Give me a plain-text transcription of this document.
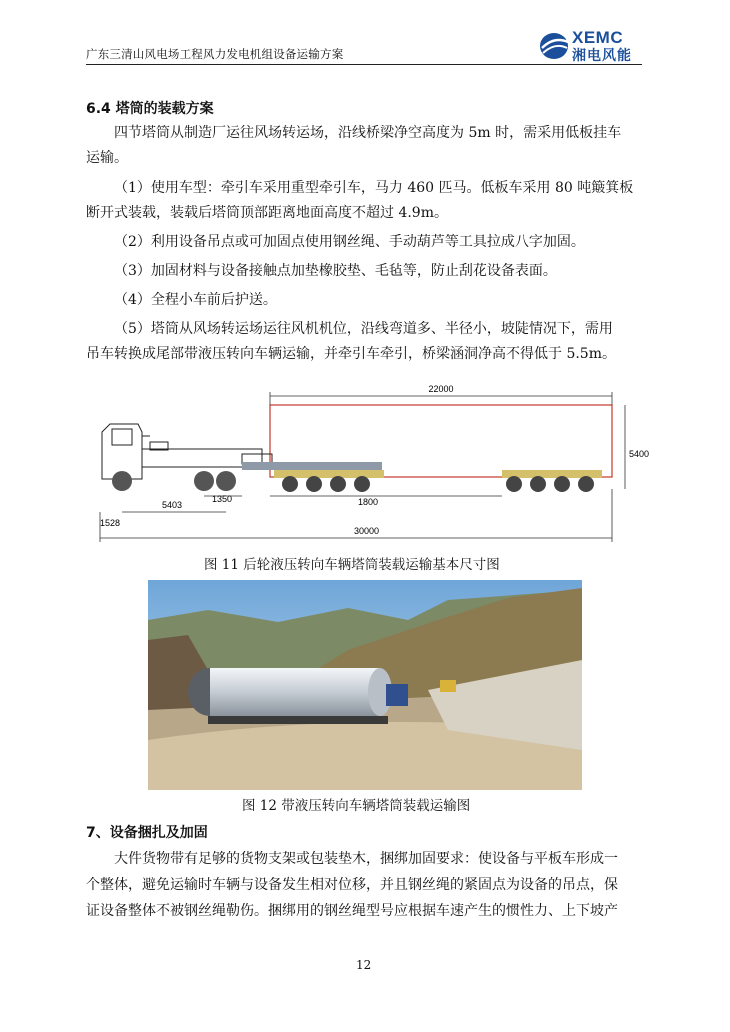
广东三清山风电场工程风力发电机组设备运输方案
XEMC
湘电风能
6.4 塔筒的装载方案
四节塔筒从制造厂运往风场转运场，沿线桥梁净空高度为 5m 时，需采用低板挂车
运输。
（1）使用车型：牵引车采用重型牵引车，马力 460 匹马。低板车采用 80 吨簸箕板
断开式装载，装载后塔筒顶部距离地面高度不超过 4.9m。
（2）利用设备吊点或可加固点使用钢丝绳、手动葫芦等工具拉成八字加固。
（3）加固材料与设备接触点加垫橡胶垫、毛毡等，防止刮花设备表面。
（4）全程小车前后护送。
（5）塔筒从风场转运场运往风机机位，沿线弯道多、半径小，坡陡情况下，需用
吊车转换成尾部带液压转向车辆运输，并牵引车牵引，桥梁涵洞净高不得低于 5.5m。
22000
5400
1350	1800
5403
1528
30000
图 11 后轮液压转向车辆塔筒装载运输基本尺寸图
图 12 带液压转向车辆塔筒装载运输图
7、设备捆扎及加固
大件货物带有足够的货物支架或包装垫木，捆绑加固要求：使设备与平板车形成一
个整体，避免运输时车辆与设备发生相对位移，并且钢丝绳的紧固点为设备的吊点，保
证设备整体不被钢丝绳勒伤。捆绑用的钢丝绳型号应根据车速产生的惯性力、上下坡产
12
